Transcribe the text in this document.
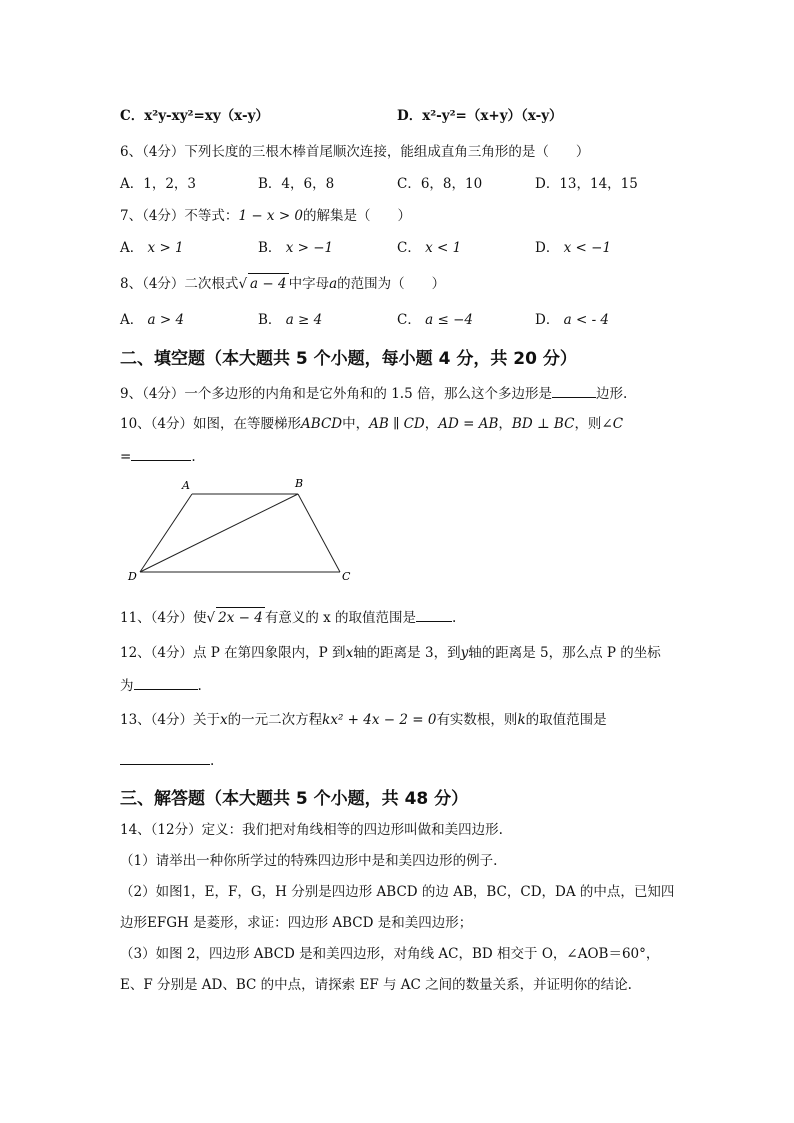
C．x²y-xy²=xy（x-y）	D．x²-y²=（x+y）（x-y）
6、（4分）下列长度的三根木棒首尾顺次连接，能组成直角三角形的是（　　）
A．1，2，3	B．4，6，8	C．6，8，10	D．13，14，15
7、（4分）不等式：1 − x > 0的解集是（　　）
A． x > 1	B． x > −1	C． x < 1	D． x < −1
8、（4分）二次根式√ a − 4 中字母a的范围为（　　）
A． a > 4	B． a ≥ 4	C． a ≤ −4	D． a < - 4
二、填空题（本大题共 5 个小题，每小题 4 分，共 20 分）
9、（4分）一个多边形的内角和是它外角和的 1.5 倍，那么这个多边形是	边形.
10、（4分）如图，在等腰梯形ABCD中，AB ∥ CD，AD = AB，BD ⊥ BC，则∠C
=	.
A	B
C
D
11、（4分）使√ 2x − 4 有意义的 x 的取值范围是	.
12、（4分）点 P 在第四象限内，P 到x轴的距离是 3，到y轴的距离是 5，那么点 P 的坐标
为	.
13、（4分）关于x的一元二次方程kx² + 4x − 2 = 0有实数根，则k的取值范围是
.
三、解答题（本大题共 5 个小题，共 48 分）
14、（12分）定义：我们把对角线相等的四边形叫做和美四边形.
（1）请举出一种你所学过的特殊四边形中是和美四边形的例子.
（2）如图1，E，F，G，H 分别是四边形 ABCD 的边 AB，BC，CD，DA 的中点，已知四
边形EFGH 是菱形，求证：四边形 ABCD 是和美四边形；
（3）如图 2，四边形 ABCD 是和美四边形，对角线 AC，BD 相交于 O，∠AOB＝60°，
E、F 分别是 AD、BC 的中点，请探索 EF 与 AC 之间的数量关系，并证明你的结论.
